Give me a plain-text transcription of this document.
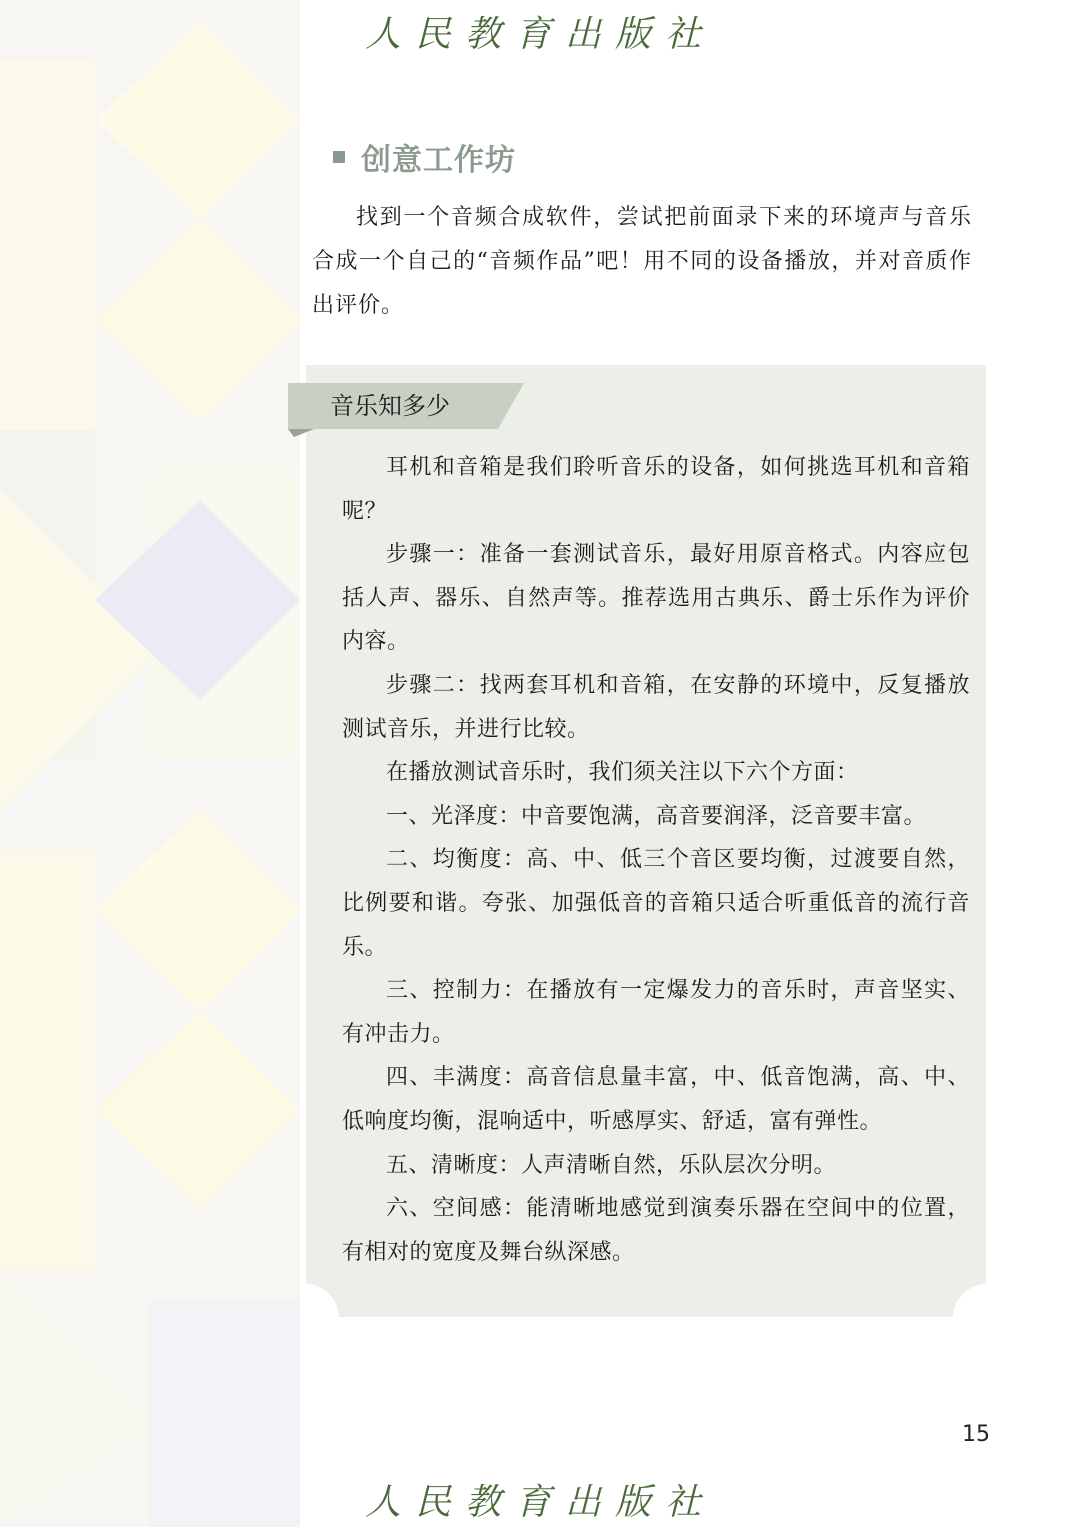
人民教育出版社
创意工作坊
找到一个音频合成软件，尝试把前面录下来的环境声与音乐合成一个自己的“音频作品”吧！用不同的设备播放，并对音质作出评价。
音乐知多少

耳机和音箱是我们聆听音乐的设备，如何挑选耳机和音箱呢？

步骤一：准备一套测试音乐，最好用原音格式。内容应包括人声、器乐、自然声等。推荐选用古典乐、爵士乐作为评价内容。

步骤二：找两套耳机和音箱，在安静的环境中，反复播放测试音乐，并进行比较。

在播放测试音乐时，我们须关注以下六个方面：

一、光泽度：中音要饱满，高音要润泽，泛音要丰富。

二、均衡度：高、中、低三个音区要均衡，过渡要自然，比例要和谐。夸张、加强低音的音箱只适合听重低音的流行音乐。

三、控制力：在播放有一定爆发力的音乐时，声音坚实、有冲击力。

四、丰满度：高音信息量丰富，中、低音饱满，高、中、低响度均衡，混响适中，听感厚实、舒适，富有弹性。

五、清晰度：人声清晰自然，乐队层次分明。

六、空间感：能清晰地感觉到演奏乐器在空间中的位置，有相对的宽度及舞台纵深感。

15
人民教育出版社
